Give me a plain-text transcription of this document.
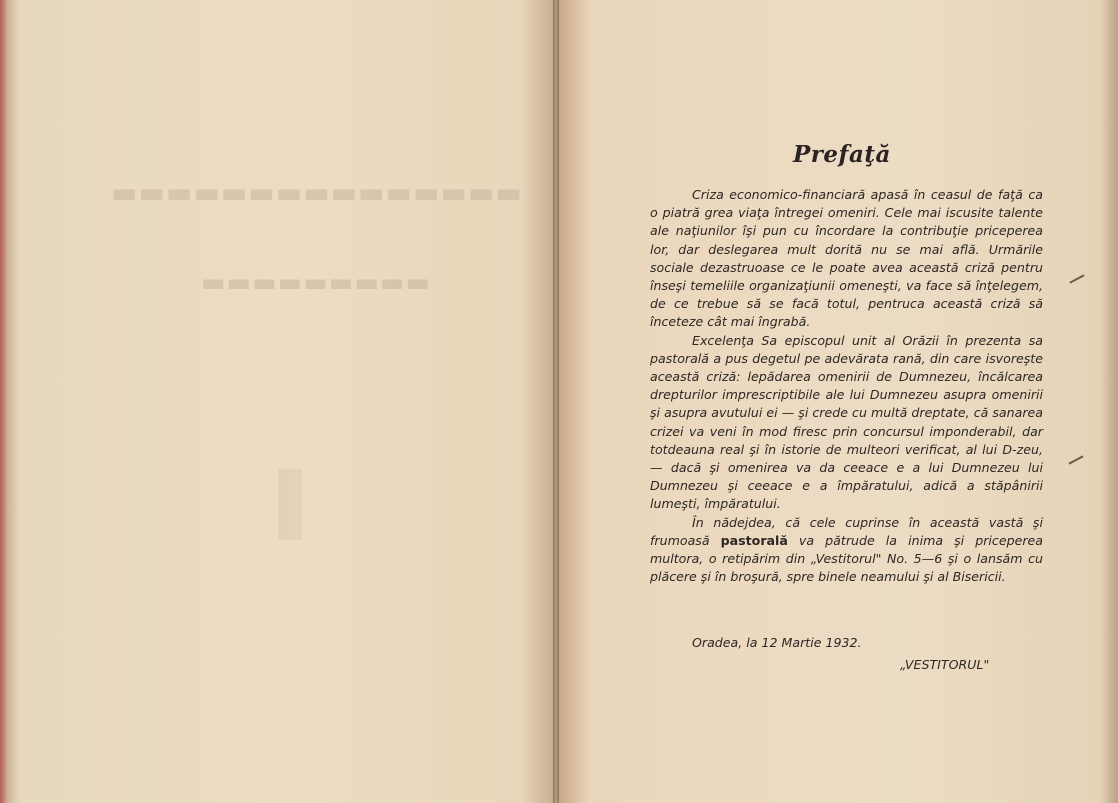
▬▬▬▬▬▬▬▬▬▬▬▬▬▬▬
▬▬▬▬▬▬▬▬▬
▌
Prefaţă

Criza economico-financiară apasă în ceasul de faţă ca o piatră grea viaţa întregei omeniri. Cele mai iscusite talente ale naţiunilor îşi pun cu încordare la contribuţie priceperea lor, dar deslegarea mult dorită nu se mai află. Urmările sociale dezastruoase ce le poate avea această criză pentru înseşi temeliile organizaţiunii omeneşti, va face să înţelegem, de ce trebue să se facă totul, pentruca această criză să înceteze cât mai îngrabă.

Excelenţa Sa episcopul unit al Orăzii în prezenta sa pastorală a pus degetul pe adevărata rană, din care isvoreşte această criză: lepădarea omenirii de Dumnezeu, încălcarea drepturilor imprescriptibile ale lui Dumnezeu asupra omenirii şi asupra avutului ei — şi crede cu multă dreptate, că sanarea crizei va veni în mod firesc prin concursul imponderabil, dar totdeauna real şi în istorie de multeori verificat, al lui D-zeu, — dacă şi omenirea va da ceeace e a lui Dumnezeu lui Dumnezeu şi ceeace e a împăratului, adică a stăpânirii lumeşti, împăratului.

În nădejdea, că cele cuprinse în această vastă şi frumoasă pastorală va pătrude la inima şi priceperea multora, o retipărim din „Vestitorul" No. 5—6 şi o lansăm cu plăcere şi în broşură, spre binele neamului şi al Bisericii.

Oradea, la 12 Martie 1932.

„VESTITORUL"
